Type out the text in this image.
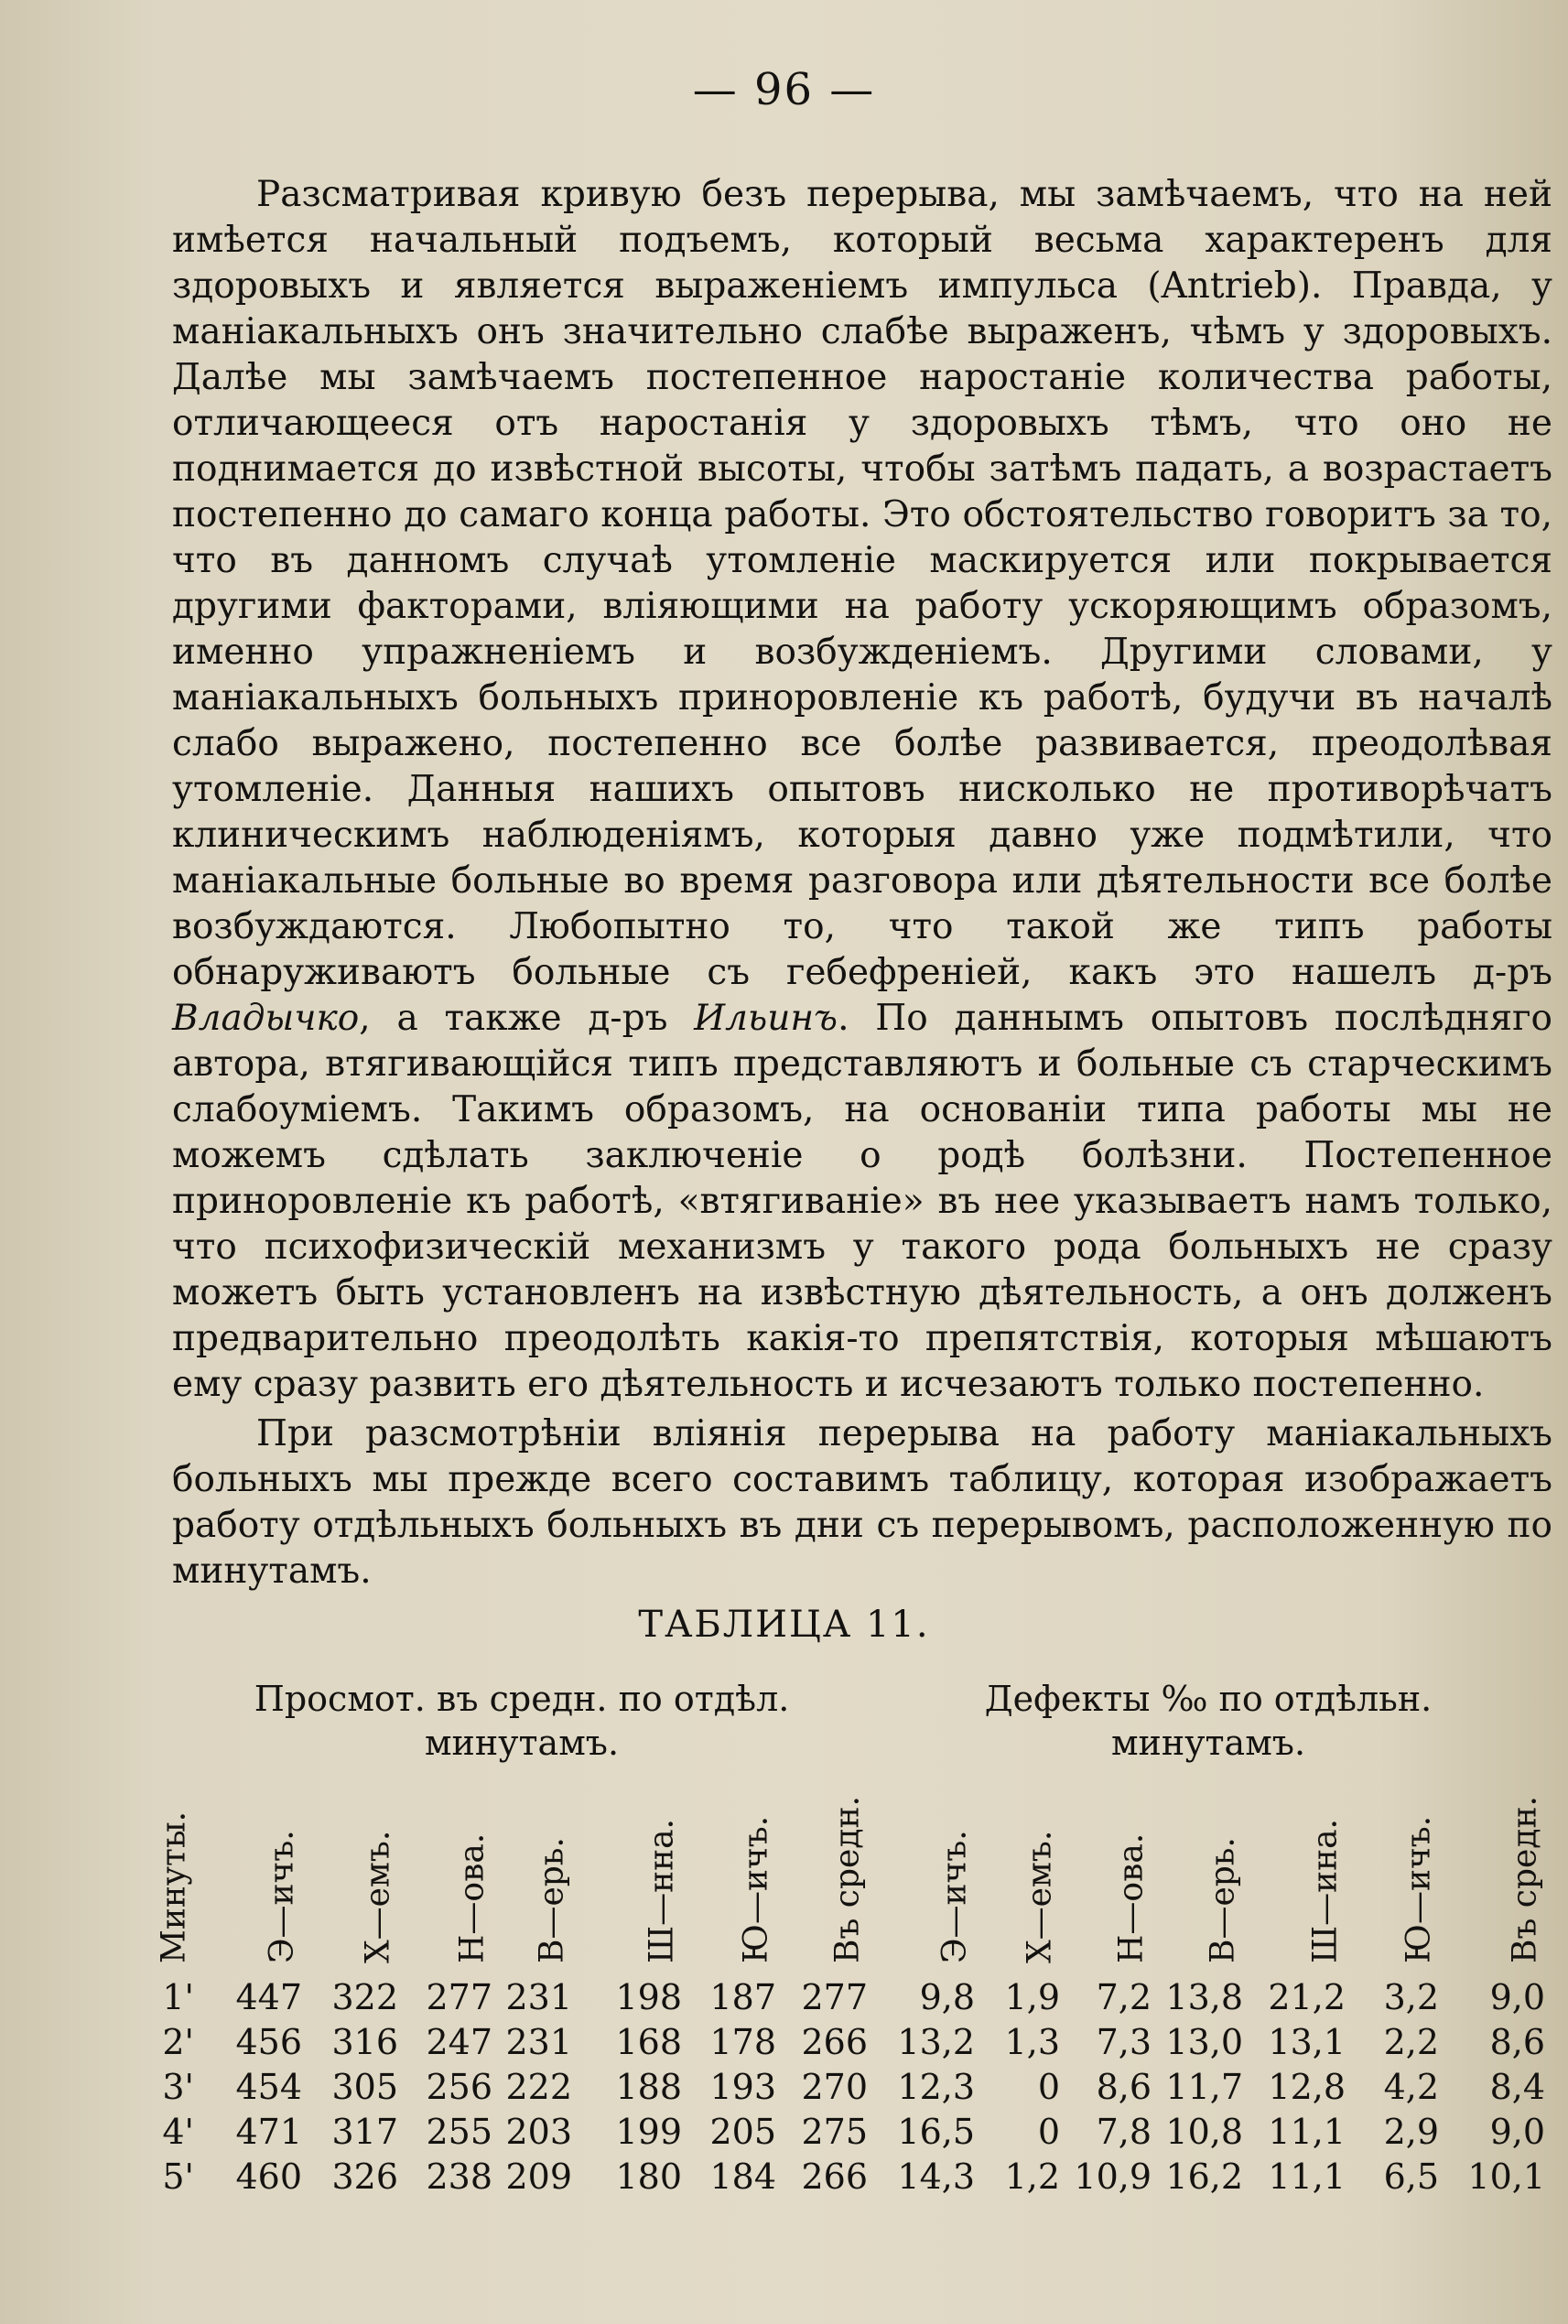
— 96 —

Разсматривая кривую безъ перерыва, мы замѣчаемъ, что на ней имѣется начальный подъемъ, который весьма характеренъ для здоровыхъ и является выраженіемъ импульса (Antrieb). Правда, у маніакальныхъ онъ значительно слабѣе выраженъ, чѣмъ у здоровыхъ. Далѣе мы замѣчаемъ постепенное наростаніе количества работы, отличающееся отъ наростанія у здоровыхъ тѣмъ, что оно не поднимается до извѣстной высоты, чтобы затѣмъ падать, а возрастаетъ постепенно до самаго конца работы. Это обстоятельство говоритъ за то, что въ данномъ случаѣ утомленіе маскируется или покрывается другими факторами, вліяющими на работу ускоряющимъ образомъ, именно упражненіемъ и возбужденіемъ. Другими словами, у маніакальныхъ больныхъ приноровленіе къ работѣ, будучи въ началѣ слабо выражено, постепенно все болѣе развивается, преодолѣвая утомленіе. Данныя нашихъ опытовъ нисколько не противорѣчатъ клиническимъ наблюденіямъ, которыя давно уже подмѣтили, что маніакальные больные во время разговора или дѣятельности все болѣе возбуждаются. Любопытно то, что такой же типъ работы обнаруживаютъ больные съ гебефреніей, какъ это нашелъ д-ръ Владычко, а также д-ръ Ильинъ. По даннымъ опытовъ послѣдняго автора, втягивающійся типъ представляютъ и больные съ старческимъ слабоуміемъ. Такимъ образомъ, на основаніи типа работы мы не можемъ сдѣлать заключеніе о родѣ болѣзни. Постепенное приноровленіе къ работѣ, «втягиваніе» въ нее указываетъ намъ только, что психофизическій механизмъ у такого рода больныхъ не сразу можетъ быть установленъ на извѣстную дѣятельность, а онъ долженъ предварительно преодолѣть какія-то препятствія, которыя мѣшаютъ ему сразу развить его дѣятельность и исчезаютъ только постепенно.

При разсмотрѣніи вліянія перерыва на работу маніакальныхъ больныхъ мы прежде всего составимъ таблицу, которая изображаетъ работу отдѣльныхъ больныхъ въ дни съ перерывомъ, расположенную по минутамъ.

ТАБЛИЦА 11.
Просмот. въ средн. по отдѣл. минутамъ.
Дефекты ‰ по отдѣльн. минутамъ.
Минуты. Э—ичъ. Х—емъ. Н—ова. В—ерь. Ш—нна. Ю—ичъ. Въ средн. Э—ичъ. Х—емъ. Н—ова. В—ерь. Ш—ина. Ю—ичъ. Въ средн.
1' 447 322 277 231 198 187 277 9,8 1,9 7,2 13,8 21,2 3,2 9,0
2' 456 316 247 231 168 178 266 13,2 1,3 7,3 13,0 13,1 2,2 8,6
3' 454 305 256 222 188 193 270 12,3 0 8,6 11,7 12,8 4,2 8,4
4' 471 317 255 203 199 205 275 16,5 0 7,8 10,8 11,1 2,9 9,0
5' 460 326 238 209 180 184 266 14,3 1,2 10,9 16,2 11,1 6,5 10,1
